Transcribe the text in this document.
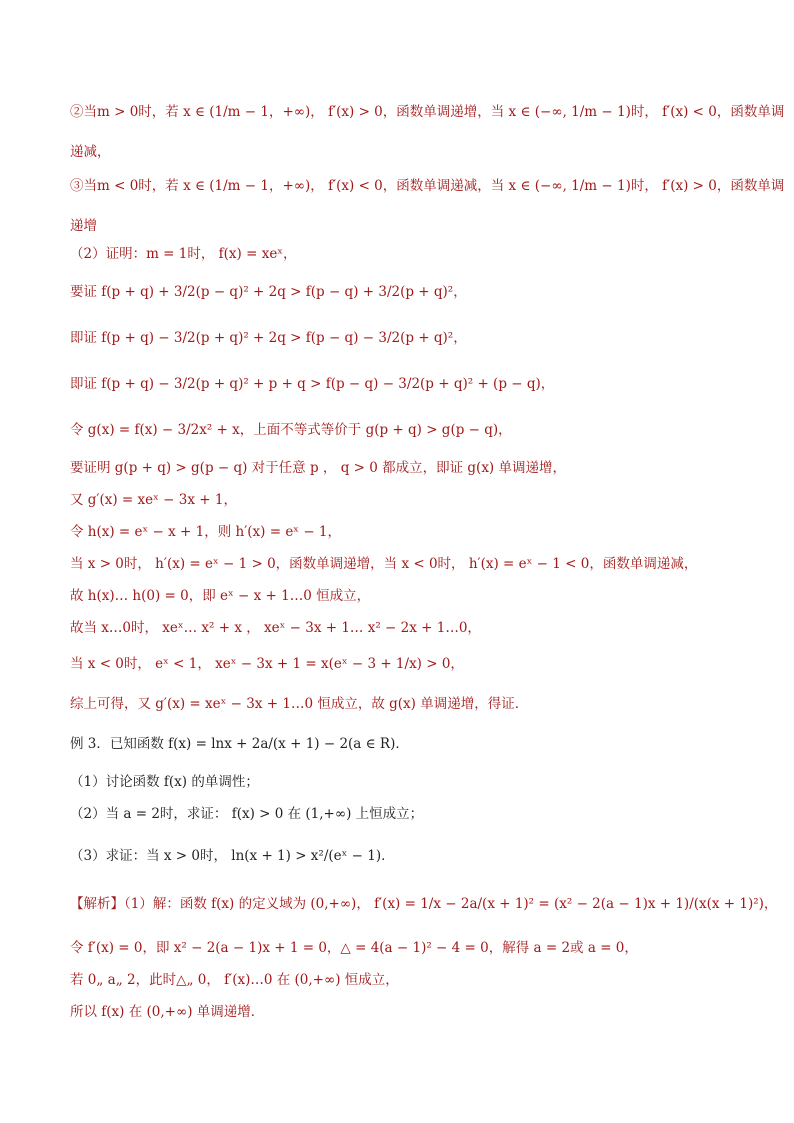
②当m > 0时，若 x ∈ (1/m − 1，+∞)， f′(x) > 0，函数单调递增，当 x ∈ (−∞, 1/m − 1)时， f′(x) < 0，函数单调
递减，
③当m < 0时，若 x ∈ (1/m − 1，+∞)， f′(x) < 0，函数单调递减，当 x ∈ (−∞, 1/m − 1)时， f′(x) > 0，函数单调
递增
（2）证明：m = 1时， f(x) = xeˣ，
要证 f(p + q) + 3/2(p − q)² + 2q > f(p − q) + 3/2(p + q)²，
即证 f(p + q) − 3/2(p + q)² + 2q > f(p − q) − 3/2(p + q)²，
即证 f(p + q) − 3/2(p + q)² + p + q > f(p − q) − 3/2(p + q)² + (p − q)，
令 g(x) = f(x) − 3/2x² + x，上面不等式等价于 g(p + q) > g(p − q)，
要证明 g(p + q) > g(p − q) 对于任意 p ， q > 0 都成立，即证 g(x) 单调递增，
又 g′(x) = xeˣ − 3x + 1，
令 h(x) = eˣ − x + 1，则 h′(x) = eˣ − 1，
当 x > 0时， h′(x) = eˣ − 1 > 0，函数单调递增，当 x < 0时， h′(x) = eˣ − 1 < 0，函数单调递减，
故 h(x)… h(0) = 0，即 eˣ − x + 1…0 恒成立，
故当 x…0时， xeˣ… x² + x ， xeˣ − 3x + 1… x² − 2x + 1…0，
当 x < 0时， eˣ < 1， xeˣ − 3x + 1 = x(eˣ − 3 + 1/x) > 0，
综上可得，又 g′(x) = xeˣ − 3x + 1…0 恒成立，故 g(x) 单调递增，得证．
例 3．已知函数 f(x) = lnx + 2a/(x + 1) − 2(a ∈ R)．
（1）讨论函数 f(x) 的单调性；
（2）当 a = 2时，求证： f(x) > 0 在 (1,+∞) 上恒成立；
（3）求证：当 x > 0时， ln(x + 1) > x²/(eˣ − 1)．
【解析】（1）解：函数 f(x) 的定义域为 (0,+∞)， f′(x) = 1/x − 2a/(x + 1)² = (x² − 2(a − 1)x + 1)/(x(x + 1)²)，
令 f′(x) = 0，即 x² − 2(a − 1)x + 1 = 0，△ = 4(a − 1)² − 4 = 0，解得 a = 2或 a = 0，
若 0„ a„ 2，此时△„ 0， f′(x)…0 在 (0,+∞) 恒成立，
所以 f(x) 在 (0,+∞) 单调递增．
